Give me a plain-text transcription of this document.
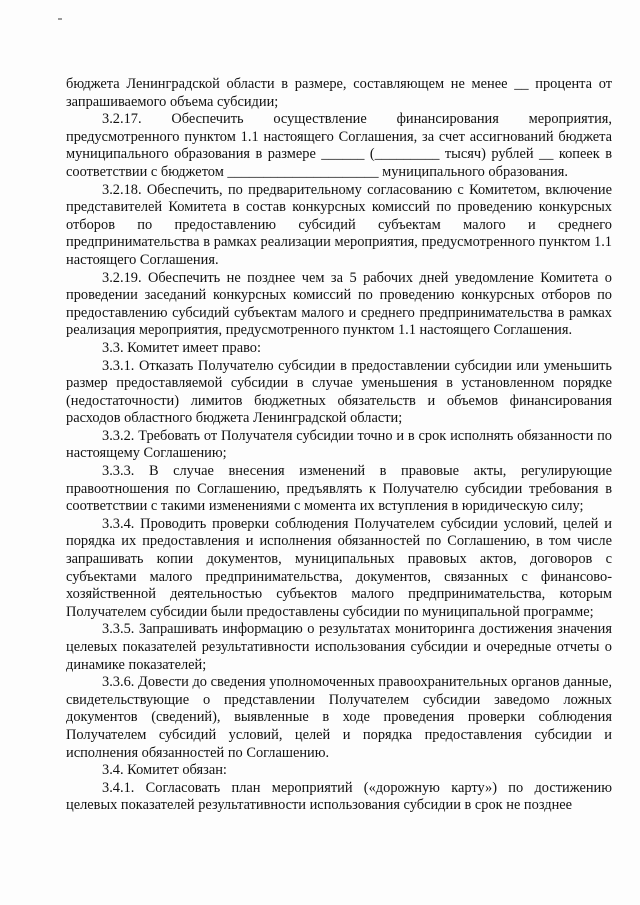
бюджета Ленинградской области в размере, составляющем не менее __ процента от запрашиваемого объема субсидии;

3.2.17. Обеспечить осуществление финансирования мероприятия, предусмотренного пунктом 1.1 настоящего Соглашения, за счет ассигнований бюджета муниципального образования в размере ______ (_________ тысяч) рублей __ копеек в соответствии с бюджетом _____________________ муниципального образования.

3.2.18. Обеспечить, по предварительному согласованию с Комитетом, включение представителей Комитета в состав конкурсных комиссий по проведению конкурсных отборов по предоставлению субсидий субъектам малого и среднего предпринимательства в рамках реализации мероприятия, предусмотренного пунктом 1.1 настоящего Соглашения.

3.2.19. Обеспечить не позднее чем за 5 рабочих дней уведомление Комитета о проведении заседаний конкурсных комиссий по проведению конкурсных отборов по предоставлению субсидий субъектам малого и среднего предпринимательства в рамках реализация мероприятия, предусмотренного пунктом 1.1 настоящего Соглашения.

3.3. Комитет имеет право:

3.3.1. Отказать Получателю субсидии в предоставлении субсидии или уменьшить размер предоставляемой субсидии в случае уменьшения в установленном порядке (недостаточности) лимитов бюджетных обязательств и объемов финансирования расходов областного бюджета Ленинградской области;

3.3.2. Требовать от Получателя субсидии точно и в срок исполнять обязанности по настоящему Соглашению;

3.3.3. В случае внесения изменений в правовые акты, регулирующие правоотношения по Соглашению, предъявлять к Получателю субсидии требования в соответствии с такими изменениями с момента их вступления в юридическую силу;

3.3.4. Проводить проверки соблюдения Получателем субсидии условий, целей и порядка их предоставления и исполнения обязанностей по Соглашению, в том числе запрашивать копии документов, муниципальных правовых актов, договоров с субъектами малого предпринимательства, документов, связанных с финансово-хозяйственной деятельностью субъектов малого предпринимательства, которым Получателем субсидии были предоставлены субсидии по муниципальной программе;

3.3.5. Запрашивать информацию о результатах мониторинга достижения значения целевых показателей результативности использования субсидии и очередные отчеты о динамике показателей;

3.3.6. Довести до сведения уполномоченных правоохранительных органов данные, свидетельствующие о представлении Получателем субсидии заведомо ложных документов (сведений), выявленные в ходе проведения проверки соблюдения Получателем субсидий условий, целей и порядка предоставления субсидии и исполнения обязанностей по Соглашению.

3.4. Комитет обязан:

3.4.1. Согласовать план мероприятий («дорожную карту») по достижению целевых показателей результативности использования субсидии в срок не позднее
